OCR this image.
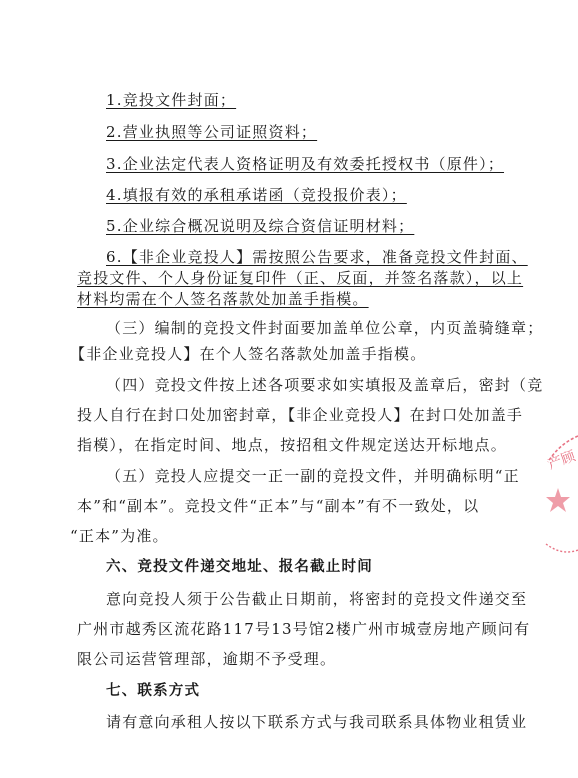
1.竞投文件封面；
2.营业执照等公司证照资料；
3.企业法定代表人资格证明及有效委托授权书（原件）；
4.填报有效的承租承诺函（竞投报价表）；
5.企业综合概况说明及综合资信证明材料；
6.【非企业竞投人】需按照公告要求，准备竞投文件封面、
竞投文件、个人身份证复印件（正、反面，并签名落款），以上
材料均需在个人签名落款处加盖手指模。
（三）编制的竞投文件封面要加盖单位公章，内页盖骑缝章；
【非企业竞投人】在个人签名落款处加盖手指模。
（四）竞投文件按上述各项要求如实填报及盖章后，密封（竞
投人自行在封口处加密封章，【非企业竞投人】在封口处加盖手
指模），在指定时间、地点，按招租文件规定送达开标地点。
（五）竞投人应提交一正一副的竞投文件，并明确标明“正
本”和“副本”。竞投文件“正本”与“副本”有不一致处，以
“正本”为准。
六、竞投文件递交地址、报名截止时间
意向竞投人须于公告截止日期前，将密封的竞投文件递交至
广州市越秀区流花路117号13号馆2楼广州市城壹房地产顾问有
限公司运营管理部，逾期不予受理。
七、联系方式
请有意向承租人按以下联系方式与我司联系具体物业租赁业
产顾
